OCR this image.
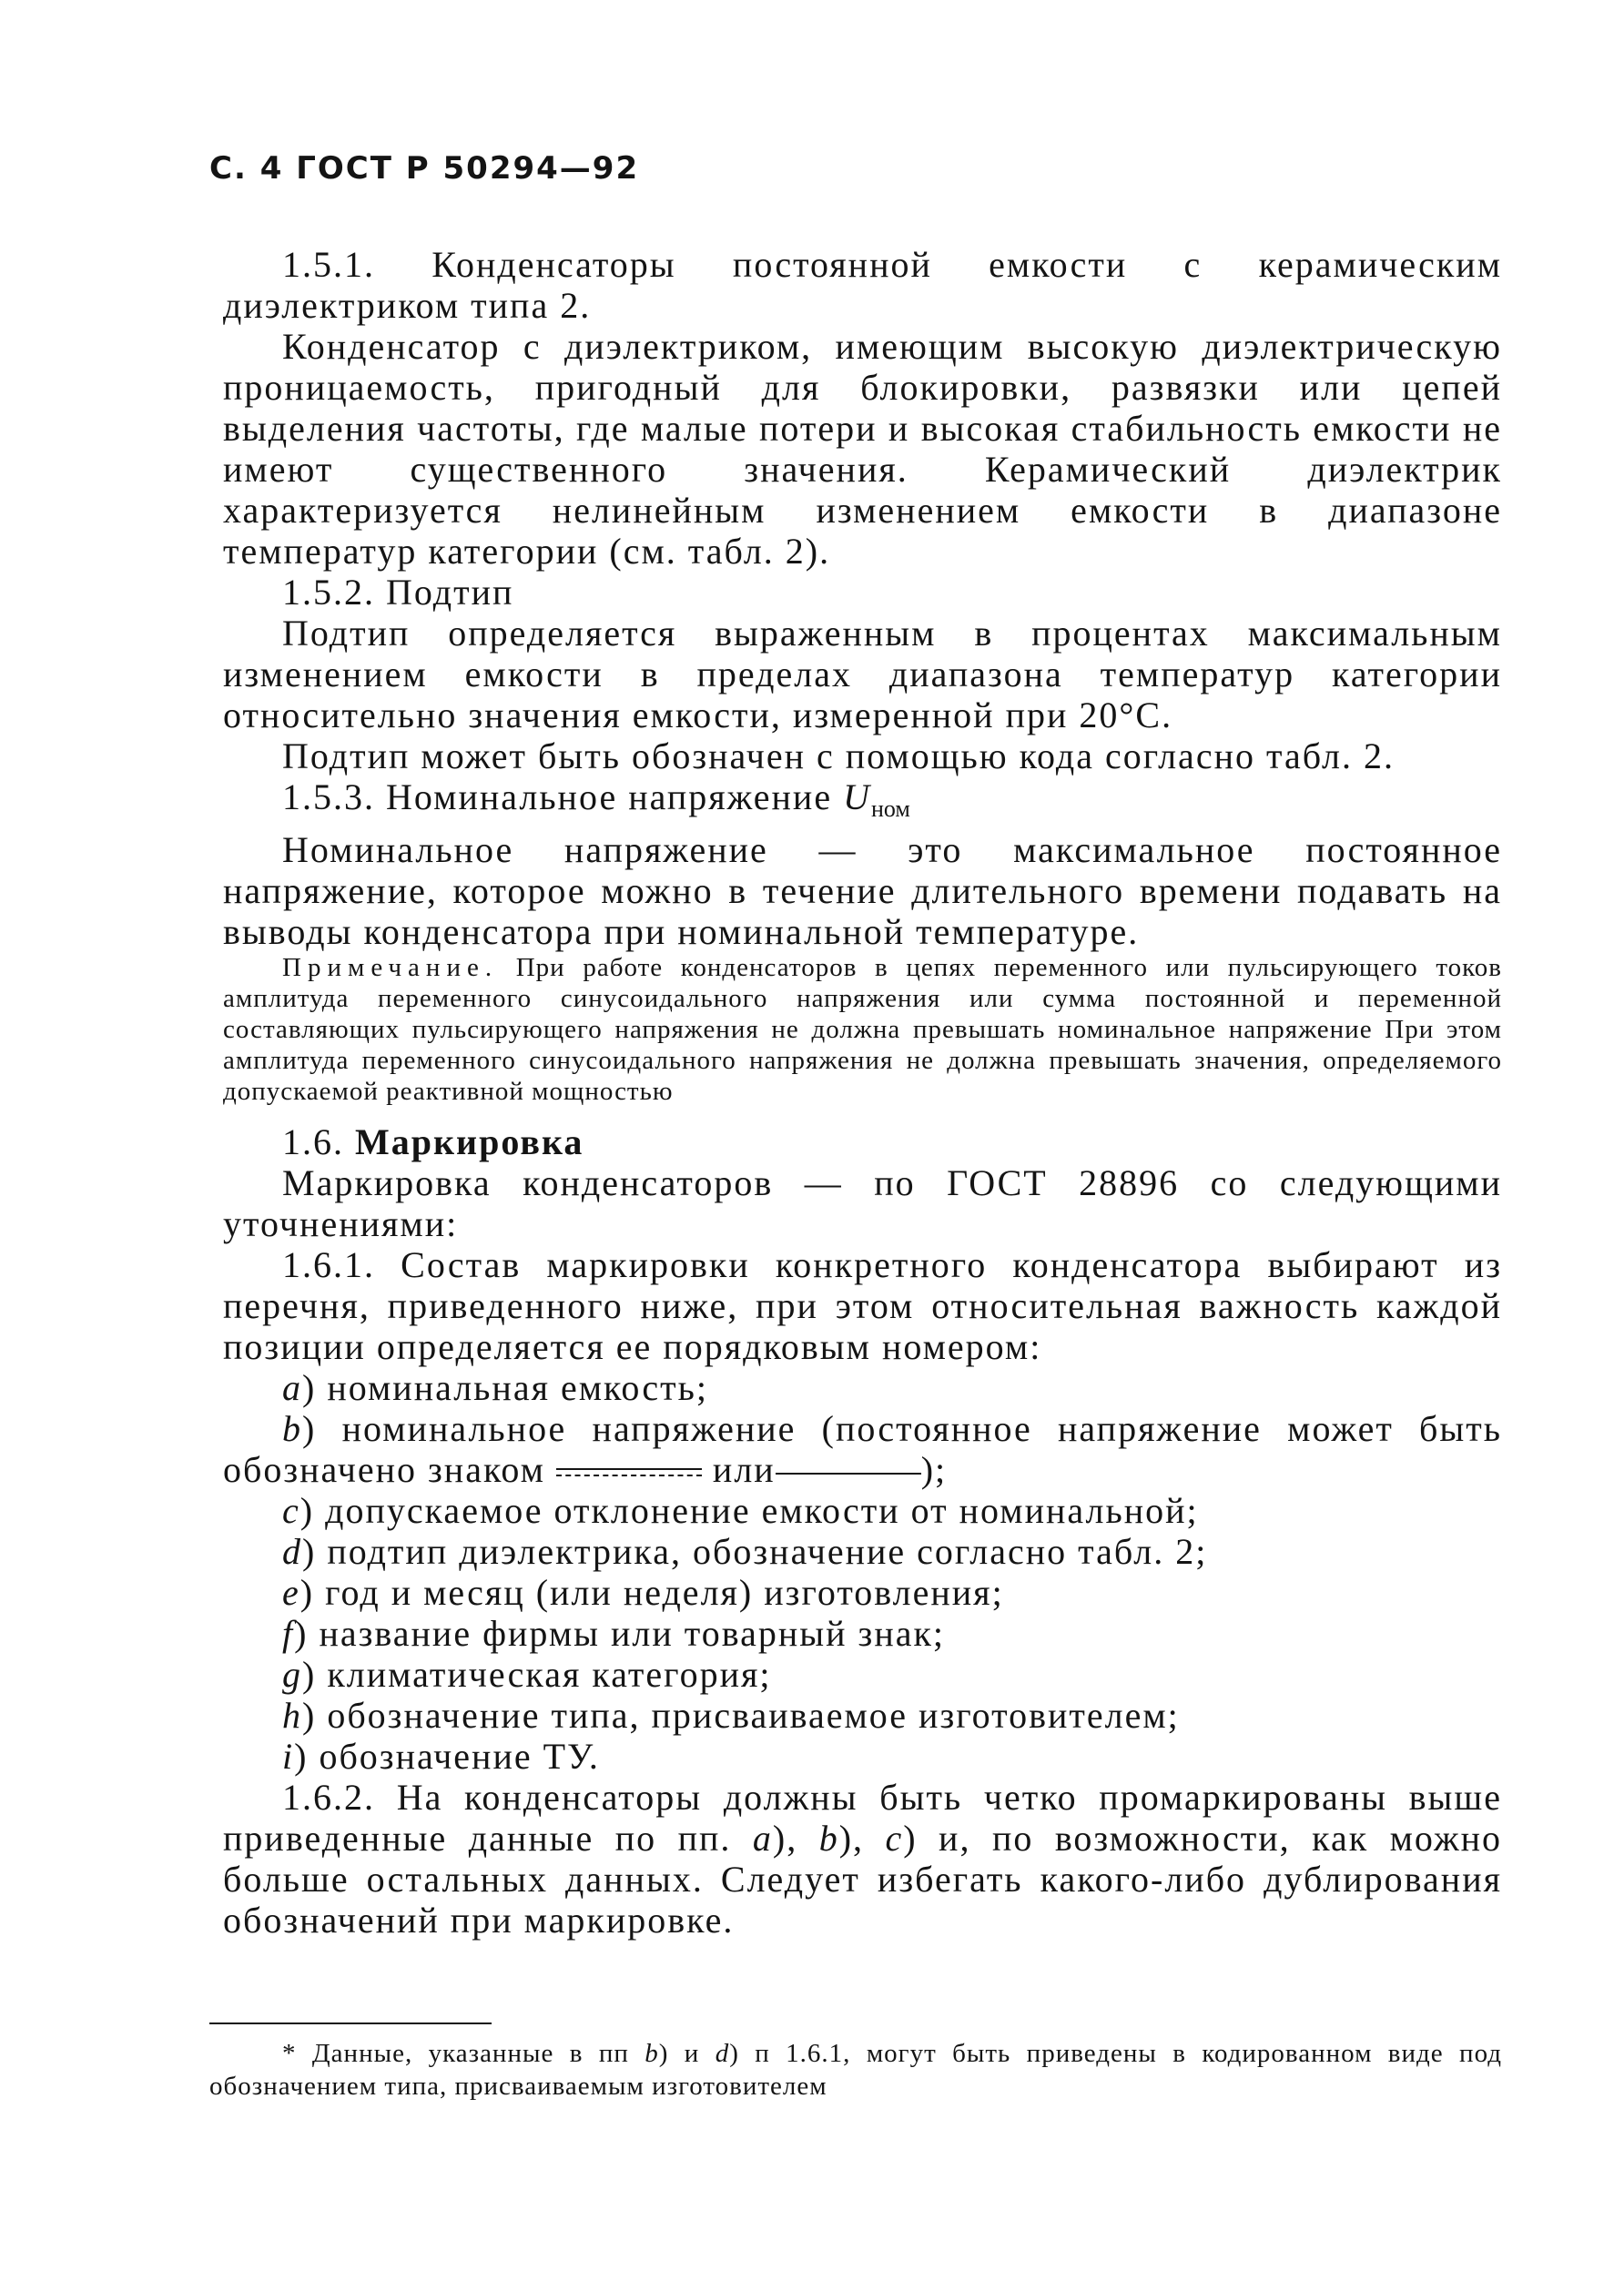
С. 4 ГОСТ Р 50294—92

1.5.1. Конденсаторы постоянной емкости с керамическим диэлектриком типа 2.

Конденсатор с диэлектриком, имеющим высокую диэлектрическую проницаемость, пригодный для блокировки, развязки или цепей выделения частоты, где малые потери и высокая стабильность емкости не имеют существенного значения. Керамический диэлектрик характеризуется нелинейным изменением емкости в диапазоне температур категории (см. табл. 2).

1.5.2. Подтип

Подтип определяется выраженным в процентах максимальным изменением емкости в пределах диапазона температур категории относительно значения емкости, измеренной при 20°С.

Подтип может быть обозначен с помощью кода согласно табл. 2.

1.5.3. Номинальное напряжение $U_{ном}$

Номинальное напряжение — это максимальное постоянное напряжение, которое можно в течение длительного времени подавать на выводы конденсатора при номинальной температуре.

Примечание. При работе конденсаторов в цепях переменного или пульсирующего токов амплитуда переменного синусоидального напряжения или сумма постоянной и переменной составляющих пульсирующего напряжения не должна превышать номинальное напряжение При этом амплитуда переменного синусоидального напряжения не должна превышать значения, определяемого допускаемой реактивной мощностью

1.6. Маркировка

Маркировка конденсаторов — по ГОСТ 28896 со следующими уточнениями:

1.6.1. Состав маркировки конкретного конденсатора выбирают из перечня, приведенного ниже, при этом относительная важность каждой позиции определяется ее порядковым номером:

a) номинальная емкость;

b) номинальное напряжение (постоянное напряжение может быть обозначено знаком	или	);

c) допускаемое отклонение емкости от номинальной;

d) подтип диэлектрика, обозначение согласно табл. 2;

e) год и месяц (или неделя) изготовления;

f) название фирмы или товарный знак;

g) климатическая категория;

h) обозначение типа, присваиваемое изготовителем;

i) обозначение ТУ.

1.6.2. На конденсаторы должны быть четко промаркированы выше приведенные данные по пп. a), b), c) и, по возможности, как можно больше остальных данных. Следует избегать какого-либо дублирования обозначений при маркировке.

* Данные, указанные в пп b) и d) п 1.6.1, могут быть приведены в кодированном виде под обозначением типа, присваиваемым изготовителем
